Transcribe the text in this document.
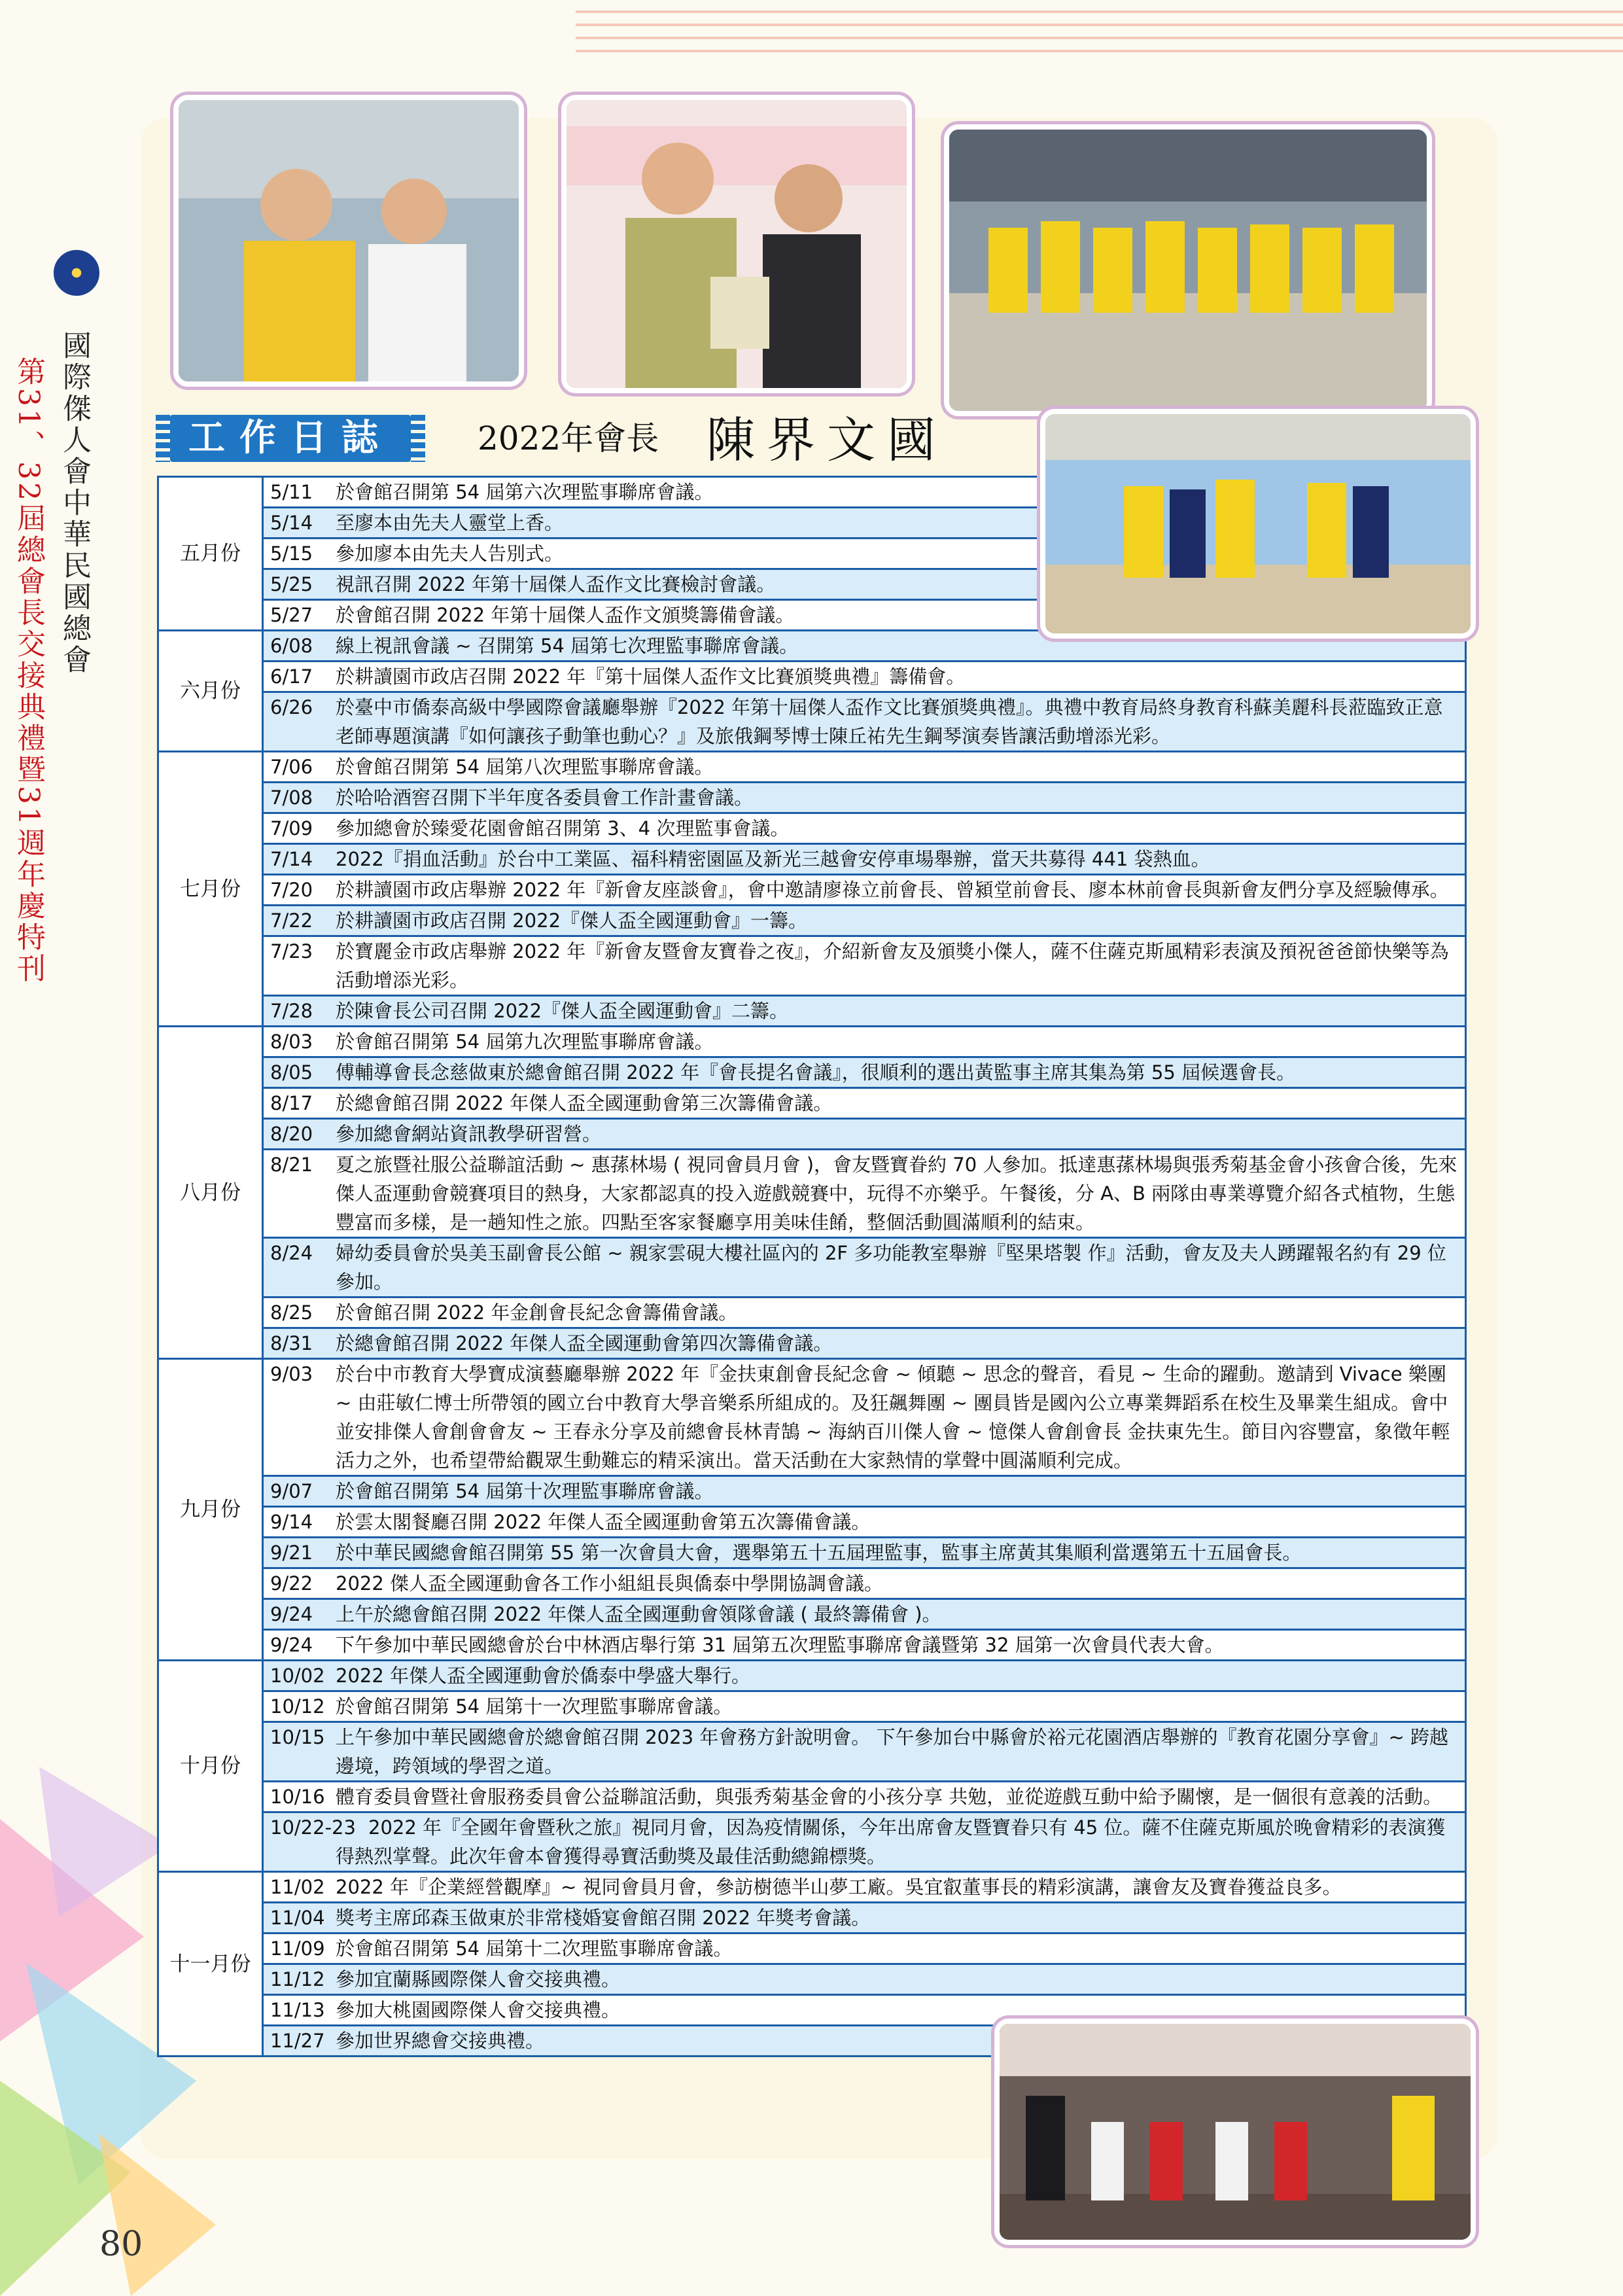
國際傑人會中華民國總會
第31、32屆總會長交接典禮暨31週年慶特刊	工作日誌	2022年會長 陳界文國
五月份	5/11 於會館召開第 54 屆第六次理監事聯席會議。

	5/14 至廖本由先夫人靈堂上香。

	5/15 參加廖本由先夫人告別式。

	5/25 視訊召開 2022 年第十屆傑人盃作文比賽檢討會議。

	5/27 於會館召開 2022 年第十屆傑人盃作文頒獎籌備會議。

六月份	6/08 線上視訊會議 ~ 召開第 54 屆第七次理監事聯席會議。

	6/17 於耕讀園市政店召開 2022 年『第十屆傑人盃作文比賽頒獎典禮』籌備會。

	6/26 於臺中市僑泰高級中學國際會議廳舉辦『2022 年第十屆傑人盃作文比賽頒獎典禮』。典禮中教育局終身教育科蘇美麗科長蒞臨致正意老師專題演講『如何讓孩子動筆也動心？』及旅俄鋼琴博士陳丘祐先生鋼琴演奏皆讓活動增添光彩。

七月份	7/06 於會館召開第 54 屆第八次理監事聯席會議。

	7/08 於哈哈酒窖召開下半年度各委員會工作計畫會議。

	7/09 參加總會於臻愛花園會館召開第 3、4 次理監事會議。

	7/14 2022『捐血活動』於台中工業區、福科精密園區及新光三越會安停車場舉辦，當天共募得 441 袋熱血。

	7/20 於耕讀園市政店舉辦 2022 年『新會友座談會』，會中邀請廖祿立前會長、曾潁堂前會長、廖本林前會長與新會友們分享及經驗傳承。

	7/22 於耕讀園市政店召開 2022『傑人盃全國運動會』一籌。

	7/23 於寶麗金市政店舉辦 2022 年『新會友暨會友寶眷之夜』，介紹新會友及頒獎小傑人，薩不住薩克斯風精彩表演及預祝爸爸節快樂等為活動增添光彩。

	7/28 於陳會長公司召開 2022『傑人盃全國運動會』二籌。

八月份	8/03 於會館召開第 54 屆第九次理監事聯席會議。

	8/05 傅輔導會長念慈做東於總會館召開 2022 年『會長提名會議』，很順利的選出黃監事主席其集為第 55 屆候選會長。

	8/17 於總會館召開 2022 年傑人盃全國運動會第三次籌備會議。

	8/20 參加總會網站資訊教學研習營。

	8/21 夏之旅暨社服公益聯誼活動 ~ 惠蓀林場 ( 視同會員月會 )，會友暨寶眷約 70 人參加。抵達惠蓀林場與張秀菊基金會小孩會合後，先來傑人盃運動會競賽項目的熱身，大家都認真的投入遊戲競賽中，玩得不亦樂乎。午餐後，分 A、B 兩隊由專業導覽介紹各式植物，生態豐富而多樣，是一趟知性之旅。四點至客家餐廳享用美味佳餚，整個活動圓滿順利的結束。

	8/24 婦幼委員會於吳美玉副會長公館 ~ 親家雲硯大樓社區內的 2F 多功能教室舉辦『堅果塔製 作』活動，會友及夫人踴躍報名約有 29 位參加。

	8/25 於會館召開 2022 年金創會長紀念會籌備會議。

	8/31 於總會館召開 2022 年傑人盃全國運動會第四次籌備會議。

九月份	9/03 於台中市教育大學寶成演藝廳舉辦 2022 年『金扶東創會長紀念會 ~ 傾聽 ~ 思念的聲音，看見 ~ 生命的躍動。邀請到 Vivace 樂團 ~ 由莊敏仁博士所帶領的國立台中教育大學音樂系所組成的。及狂飆舞團 ~ 團員皆是國內公立專業舞蹈系在校生及畢業生組成。會中並安排傑人會創會會友 ~ 王春永分享及前總會長林青鵠 ~ 海納百川傑人會 ~ 憶傑人會創會長 金扶東先生。節目內容豐富，象徵年輕活力之外，也希望帶給觀眾生動難忘的精采演出。當天活動在大家熱情的掌聲中圓滿順利完成。

	9/07 於會館召開第 54 屆第十次理監事聯席會議。

	9/14 於雲太閣餐廳召開 2022 年傑人盃全國運動會第五次籌備會議。

	9/21 於中華民國總會館召開第 55 第一次會員大會，選舉第五十五屆理監事，監事主席黃其集順利當選第五十五屆會長。

	9/22 2022 傑人盃全國運動會各工作小組組長與僑泰中學開協調會議。

	9/24 上午於總會館召開 2022 年傑人盃全國運動會領隊會議 ( 最終籌備會 )。

	9/24 下午參加中華民國總會於台中林酒店舉行第 31 屆第五次理監事聯席會議暨第 32 屆第一次會員代表大會。

十月份	10/02 2022 年傑人盃全國運動會於僑泰中學盛大舉行。

	10/12 於會館召開第 54 屆第十一次理監事聯席會議。

	10/15 上午參加中華民國總會於總會館召開 2023 年會務方針說明會。 下午參加台中縣會於裕元花園酒店舉辦的『教育花園分享會』~ 跨越邊境，跨領域的學習之道。

	10/16 體育委員會暨社會服務委員會公益聯誼活動，與張秀菊基金會的小孩分享 共勉，並從遊戲互動中給予關懷，是一個很有意義的活動。

	10/22-23 2022 年『全國年會暨秋之旅』視同月會，因為疫情關係，今年出席會友暨寶眷只有 45 位。薩不住薩克斯風於晚會精彩的表演獲得熱烈掌聲。此次年會本會獲得尋寶活動獎及最佳活動總錦標獎。

十一月份	11/02 2022 年『企業經營觀摩』~ 視同會員月會，參訪樹德半山夢工廠。吳宜叡董事長的精彩演講，讓會友及寶眷獲益良多。

	11/04 獎考主席邱森玉做東於非常棧婚宴會館召開 2022 年獎考會議。

	11/09 於會館召開第 54 屆第十二次理監事聯席會議。

	11/12 參加宜蘭縣國際傑人會交接典禮。

	11/13 參加大桃園國際傑人會交接典禮。

	11/27 參加世界總會交接典禮。
80
